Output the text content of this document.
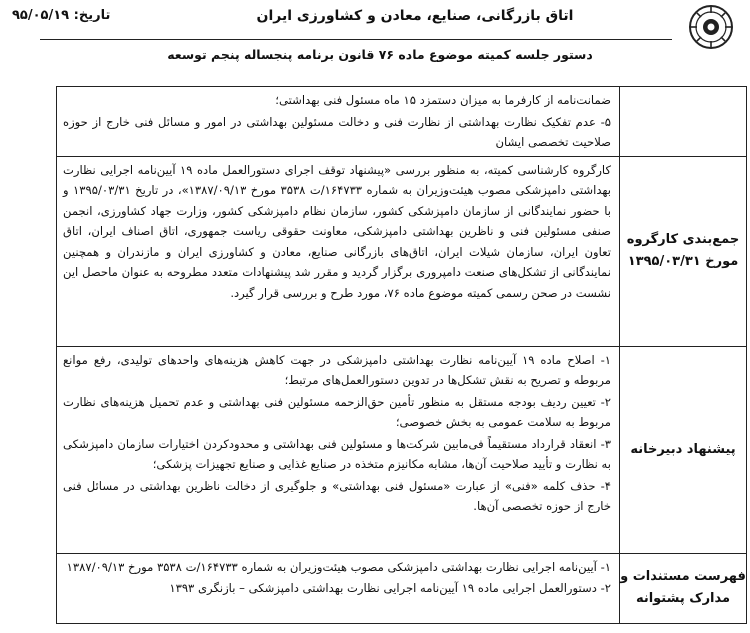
اتاق بازرگانی، صنایع، معادن و کشاورزی ایران
تاریخ: ۹۵/۰۵/۱۹
دستور جلسه کمیته موضوع ماده ۷۶ قانون برنامه پنجساله پنجم توسعه

	ضمانت‌نامه از کارفرما به میزان دستمزد ۱۵ ماه مسئول فنی بهداشتی؛

۵- عدم تفکیک نظارت بهداشتی از نظارت فنی و دخالت مسئولین بهداشتی در امور و مسائل فنی خارج از حوزه صلاحیت تخصصی ایشان

جمع‌بندی کارگروه مورخ ۱۳۹۵/۰۳/۳۱	کارگروه کارشناسی کمیته، به منظور بررسی «پیشنهاد توقف اجرای دستورالعمل ماده ۱۹ آیین‌نامه اجرایی نظارت بهداشتی دامپزشکی مصوب هیئت‌وزیران به شماره ۱۶۴۷۳۳/ت ۳۵۳۸ مورخ ۱۳۸۷/۰۹/۱۳»، در تاریخ ۱۳۹۵/۰۳/۳۱ و با حضور نمایندگانی از سازمان دامپزشکی کشور، سازمان نظام دامپزشکی کشور، وزارت جهاد کشاورزی، انجمن صنفی مسئولین فنی و ناظرین بهداشتی دامپزشکی، معاونت حقوقی ریاست جمهوری، اتاق اصناف ایران، اتاق تعاون ایران، سازمان شیلات ایران، اتاق‌های بازرگانی صنایع، معادن و کشاورزی ایران و مازندران و همچنین نمایندگانی از تشکل‌های صنعت دامپروری برگزار گردید و مقرر شد پیشنهادات متعدد مطروحه به عنوان ماحصل این نشست در صحن رسمی کمیته موضوع ماده ۷۶، مورد طرح و بررسی قرار گیرد.

پیشنهاد دبیرخانه	۱- اصلاح ماده ۱۹ آیین‌نامه نظارت بهداشتی دامپزشکی در جهت کاهش هزینه‌های واحدهای تولیدی، رفع موانع مربوطه و تصریح به نقش تشکل‌ها در تدوین دستورالعمل‌های مرتبط؛

۲- تعیین ردیف بودجه مستقل به منظور تأمین حق‌الزحمه مسئولین فنی بهداشتی و عدم تحمیل هزینه‌های نظارت مربوط به سلامت عمومی به بخش خصوصی؛

۳- انعقاد قرارداد مستقیماً فی‌مابین شرکت‌ها و مسئولین فنی بهداشتی و محدودکردن اختیارات سازمان دامپزشکی به نظارت و تأیید صلاحیت آن‌ها، مشابه مکانیزم متخذه در صنایع غذایی و صنایع تجهیزات پزشکی؛

۴- حذف کلمه «فنی» از عبارت «مسئول فنی بهداشتی» و جلوگیری از دخالت ناظرین بهداشتی در مسائل فنی خارج از حوزه تخصصی آن‌ها.

فهرست مستندات و مدارک پشتوانه	۱- آیین‌نامه اجرایی نظارت بهداشتی دامپزشکی مصوب هیئت‌وزیران به شماره ۱۶۴۷۳۳/ت ۳۵۳۸ مورخ ۱۳۸۷/۰۹/۱۳

۲- دستورالعمل اجرایی ماده ۱۹ آیین‌نامه اجرایی نظارت بهداشتی دامپزشکی – بازنگری ۱۳۹۳
